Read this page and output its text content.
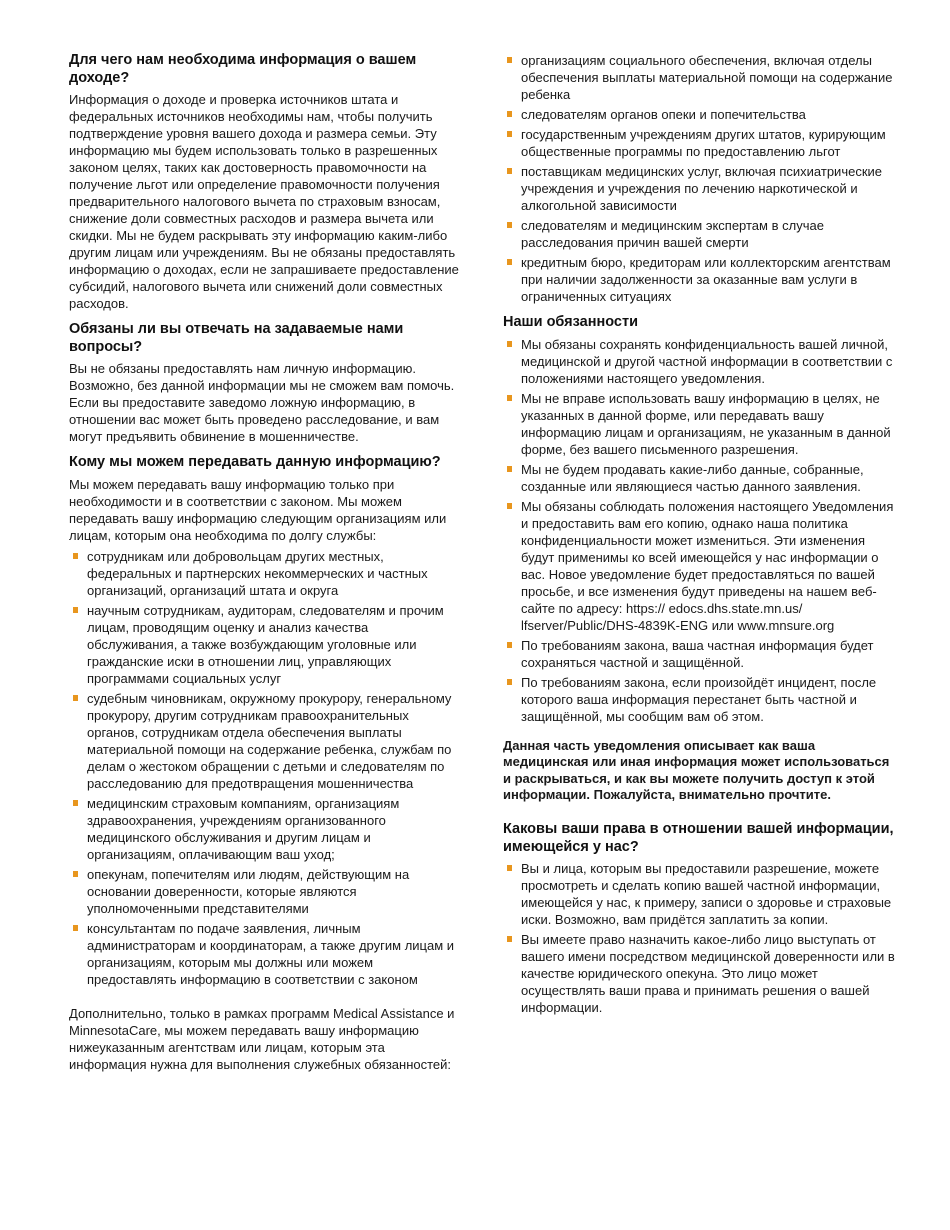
Для чего нам необходима информация о вашем доходе?

Информация о доходе и проверка источников штата и федеральных источников необходимы нам, чтобы получить подтверждение уровня вашего дохода и размера семьи. Эту информацию мы будем использовать только в разрешенных законом целях, таких как достоверность правомочности на получение льгот или определение правомочности получения предварительного налогового вычета по страховым взносам, снижение доли совместных расходов и размера вычета или скидки. Мы не будем раскрывать эту информацию каким-либо другим лицам или учреждениям. Вы не обязаны предоставлять информацию о доходах, если не запрашиваете предоставление субсидий, налогового вычета или снижений доли совместных расходов.

Обязаны ли вы отвечать на задаваемые нами вопросы?

Вы не обязаны предоставлять нам личную информацию. Возможно, без данной информации мы не сможем вам помочь. Если вы предоставите заведомо ложную информацию, в отношении вас может быть проведено расследование, и вам могут предъявить обвинение в мошенничестве.

Кому мы можем передавать данную информацию?

Мы можем передавать вашу информацию только при необходимости и в соответствии с законом. Мы можем передавать вашу информацию следующим организациям или лицам, которым она необходима по долгу службы:

сотрудникам или добровольцам других местных, федеральных и партнерских некоммерческих и частных организаций, организаций штата и округа
научным сотрудникам, аудиторам, следователям и прочим лицам, проводящим оценку и анализ качества обслуживания, а также возбуждающим уголовные или гражданские иски в отношении лиц, управляющих программами социальных услуг
судебным чиновникам, окружному прокурору, генеральному прокурору, другим сотрудникам правоохранительных органов, сотрудникам отдела обеспечения выплаты материальной помощи на содержание ребенка, службам по делам о жестоком обращении с детьми и следователям по расследованию для предотвращения мошенничества
медицинским страховым компаниям, организациям здравоохранения, учреждениям организованного медицинского обслуживания и другим лицам и организациям, оплачивающим ваш уход;
опекунам, попечителям или людям, действующим на основании доверенности, которые являются уполномоченными представителями
консультантам по подаче заявления, личным администраторам и координаторам, а также другим лицам и организациям, которым мы должны или можем предоставлять информацию в соответствии с законом

Дополнительно, только в рамках программ Medical Assistance и MinnesotaCare, мы можем передавать вашу информацию нижеуказанным агентствам или лицам, которым эта информация нужна для выполнения служебных обязанностей:

организациям социального обеспечения, включая отделы обеспечения выплаты материальной помощи на содержание ребенка
следователям органов опеки и попечительства
государственным учреждениям других штатов, курирующим общественные программы по предоставлению льгот
поставщикам медицинских услуг, включая психиатрические учреждения и учреждения по лечению наркотической и алкогольной зависимости
следователям и медицинским экспертам в случае расследования причин вашей смерти
кредитным бюро, кредиторам или коллекторским агентствам при наличии задолженности за оказанные вам услуги в ограниченных ситуациях
Наши обязанности
Мы обязаны сохранять конфиденциальность вашей личной, медицинской и другой частной информации в соответствии с положениями настоящего уведомления.
Мы не вправе использовать вашу информацию в целях, не указанных в данной форме, или передавать вашу информацию лицам и организациям, не указанным в данной форме, без вашего письменного разрешения.
Мы не будем продавать какие-либо данные, собранные, созданные или являющиеся частью данного заявления.
Мы обязаны соблюдать положения настоящего Уведомления и предоставить вам его копию, однако наша политика конфиденциальности может измениться. Эти изменения будут применимы ко всей имеющейся у нас информации о вас. Новое уведомление будет предоставляться по вашей просьбе, и все изменения будут приведены на нашем веб-сайте по адресу: https:// edocs.dhs.state.mn.us/ lfserver/Public/DHS-4839K-ENG или www.mnsure.org
По требованиям закона, ваша частная информация будет сохраняться частной и защищённой.
По требованиям закона, если произойдёт инцидент, после которого ваша информация перестанет быть частной и защищённой, мы сообщим вам об этом.

Данная часть уведомления описывает как ваша медицинская или иная информация может использоваться и раскрываться, и как вы можете получить доступ к этой информации. Пожалуйста, внимательно прочтите.

Каковы ваши права в отношении вашей информации, имеющейся у нас?
Вы и лица, которым вы предоставили разрешение, можете просмотреть и сделать копию вашей частной информации, имеющейся у нас, к примеру, записи о здоровье и страховые иски. Возможно, вам придётся заплатить за копии.
Вы имеете право назначить какое-либо лицо выступать от вашего имени посредством медицинской доверенности или в качестве юридического опекуна. Это лицо может осуществлять ваши права и принимать решения о вашей информации.
